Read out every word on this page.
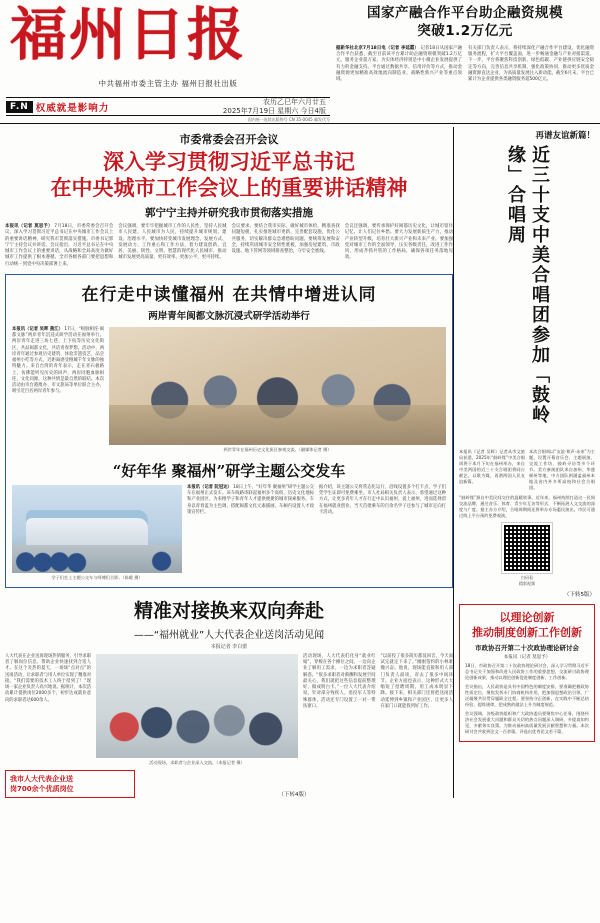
福州日报
中共福州市委主管主办 福州日报社出版
F.N 权威就是影响力
农历乙巳年六月廿五
2025年7月19日 星期六 今日4版
国内统一连续出版物号 CN 35-0045 邮发代号
国家产融合作平台助企融资规模
突破1.2万亿元
据新华社北京7月18日电（记者 李延霞） 记者18日从国家产融合作平台获悉，截至目前该平台累计助企融资规模突破1.2万亿元，服务企业超万家，为实体经济特别是中小微企业发展提供了有力的金融支持。平台通过数据共享、信用评价等方式，推动金融资源更加精准高效地流向制造业、战略性新兴产业等重点领域。
有关部门负责人表示，将持续深化产融合作平台建设，优化融资服务流程，扩大平台覆盖面，进一步畅通金融与产业对接渠道。下一步，平台将聚焦科技创新、绿色低碳、产业链供应链安全稳定等方向，完善信息共享机制，强化政策协同，推动更多优质金融资源直达企业，为高质量发展注入新动能。截至6月末，平台已累计为企业提供各类融资服务超500亿元。
市委常委会召开会议
深入学习贯彻习近平总书记
在中央城市工作会议上的重要讲话精神
郭宁宁主持并研究我市贯彻落实措施
本报讯（记者 莫思予） 7月18日，市委常委会召开会议，深入学习贯彻习近平总书记在中央城市工作会议上的重要讲话精神，研究我市贯彻落实措施。市委书记郭宁宁主持会议并讲话。会议指出，习近平总书记在中央城市工作会议上的重要讲话，从战略和全局高度为做好城市工作提供了根本遵循。全市各级各部门要把思想和行动统一到党中央决策部署上来。
会议强调，要牢牢把握城市工作的人民性，坚持人民城市人民建、人民城市为人民，持续提升城市规划、建设、治理水平。要加快转变城市发展理念、发展方式、发展动力、工作重心和工作方法，着力建设创新、宜居、美丽、韧性、文明、智慧的现代化人民城市，推动城市发展更高质量、更有效率、更加公平、更可持续。
会议要求，要结合我市实际，做好城市体检，精准查找问题短板，扎实推进城市更新，完善配套设施，优化公共服务，切实解决群众急难愁盼问题。要统筹发展和安全，持续巩固城市安全韧性底板，加强房屋建筑、市政设施、地下管网等领域排查整治，守牢安全底线。
会议还强调，要传承保护好闽都历史文化，让城市留住记忆、让人们记住乡愁。要大力发展新质生产力，推动产业转型升级，培育壮大新兴产业和未来产业。要加强党对城市工作的全面领导，压实各级责任，改进工作作风，形成齐抓共管的工作格局，确保各项任务落地见效。
在行走中读懂福州 在共情中增进认同
两岸青年闽都文脉沉浸式研学活动举行
本报讯（记者 吴晖 燕江） 17日，“根脉相连·闽都文脉”两岸青年沉浸式研学活动在福州举行。两岸青年走进三坊七巷、上下杭等历史文化街区，共品闽都文化，共话青春梦想。活动中，两岸青年通过参观历史建筑、体验非遗技艺、品尝福州小吃等方式，近距离感受榕城千年文脉的独特魅力。来自台湾的青年表示，走在青石板路上，仿佛能听见历史的回声，两岸同胞血脉相连、文化同源，这种共情是最自然的联结。本次活动由市台港澳办、市文旅局等单位联合主办，吸引近百名两岸青年参与。
两岸青年在福州历史文化街区参观交流。（融媒体记者 摄）
“好年华 聚福州”研学主题公交发车
学子们坐上主题公交车与师傅们合影。（陈暖 摄）
本报讯（记者 阮冠达） 18日上午，“好年华 聚福州”研学主题公交车在福州正式发车。该车线路串联起福州多个高校、历史文化地标和产业园区，为来榕学子和青年人才提供便捷的城市探索服务。车身以青春蓝为主色调，搭配闽都文化元素插画，车厢内设置人才政策宣传栏。
据介绍，该主题公交将常态化运行，沿线设置多个打卡点，学子们凭学生证即可免费乘坐。市人社局相关负责人表示，希望通过这种方式，让更多青年人才在行走中认识福州、爱上福州，进而选择留在福州就业创业。当天首批乘车的百余名学子还参与了城市定向打卡活动。
精准对接换来双向奔赴
——“福州就业”人大代表企业送岗活动见闻
本报记者 李白蕾
人大代表在企业送岗现场热情服务，引导求职者了解岗位信息，帮助企业快速找到合适人才。在这个炎热的夏天，一场场“点对点”的送岗活动，让求职者与用人单位实现了精准对接。“我们需要的技术工人终于招到了！”现场一家企业负责人高兴地说。据统计，本次活动累计提供岗位2000多个，初步达成就业意向的求职者达600余人。
活动现场，求职者与企业深入交流。（本报记者 摄）
活动现场，人大代表们化身“就业红娘”，穿梭在各个摊位之间，一边向企业了解用工需求，一边为求职者答疑解惑。“很多求职者对薪酬和发展空间最关心，我们就把这些信息提前整理好，做成明白卡。”一位人大代表介绍说。针对部分残疾人、退役军人等特殊群体，活动还专门设置了一对一帮扶窗口。
“以前投了很多简历都没回音，今天面试完就定下来了。”刚刚签约的小林难掩兴奋。他说，现场能直接和用人部门负责人面谈，省去了很多中间环节。企业方面也表示，这种形式大大缩短了招聘周期，用工成本明显下降。接下来，相关部门还将把送岗活动延伸到乡镇和产业园区，让更多人在家门口就能找到好工作。
我市人大代表企业送
岗700余个优质岗位
（下转4版）
再谱友谊新篇！
近三十支中美合唱团参加「鼓岭缘」合唱周
本报讯（记者 吴晖）记者从市文旅局获悉，2025年“鼓岭缘”中美合唱周将于本月下旬在福州举办，来自中美两国的近三十支合唱团将同台献艺，以歌为媒，再谱两国人民友谊新篇。
本次合唱周以“友谊·和声·未来”为主题，设置开幕音乐会、主题展演、交流工作坊、鼓岭寻访等多个环节。美方参演团队来自加州、华盛顿州等地，中方团队则涵盖福州本地及省内外多所高校和社会合唱团。
“鼓岭缘”源自中美民间交往的温暖故事。近年来，福州持续打造这一民间交流品牌，通过音乐、体育、青少年互访等形式，不断拓展人文交流的深度与广度。据主办方介绍，合唱周期间还将举办专场惠民演出，市民可通过线上平台预约免费观演。
扫码看
精彩视频
（下转5版）
以理论创新
推动制度创新工作创新
市政协召开第二十次政协理论研讨会
本报讯（记者 莫思予）
18日，市政协召开第二十次政协理论研讨会，深入学习贯彻习近平总书记关于加强和改进人民政协工作的重要思想，交流研讨政协理论创新成果，推动以理论创新促进制度创新、工作创新。
会议指出，人民政协是具有中国特色的制度安排，要准确把握政协性质定位，聚焦发挥专门协商机构作用，把加强思想政治引领、广泛凝聚共识贯穿履职全过程。要坚持守正创新，在实践中不断总结经验、提炼规律，把成熟的做法上升为制度规范。
会议强调，各级政协组织和广大政协委员要聚焦中心任务，围绕经济社会发展重大问题和群众关切的热点问题深入调研，多提真知灼见，多献务实良策，为推动福州高质量发展贡献智慧和力量。本次研讨会共收到论文一百余篇，评选出优秀论文若干篇。
